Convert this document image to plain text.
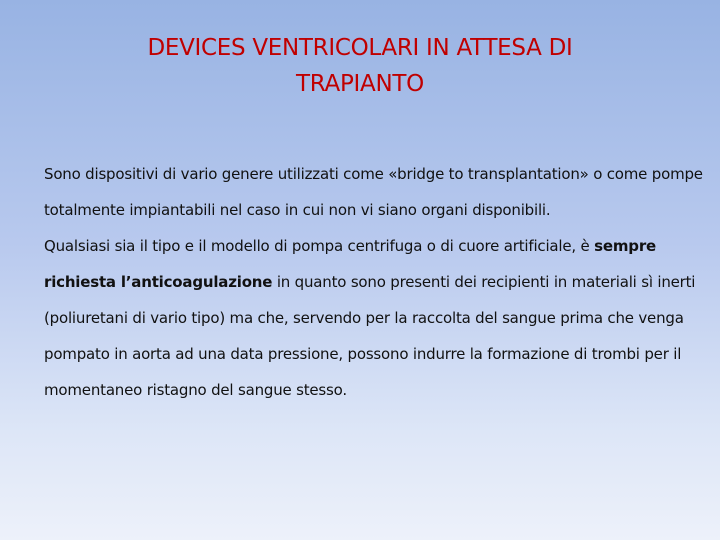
DEVICES VENTRICOLARI IN ATTESA DI
TRAPIANTO

Sono dispositivi di vario genere utilizzati come «bridge to transplantation» o come pompe totalmente impiantabili nel caso in cui non vi siano organi disponibili.

Qualsiasi sia il tipo e il modello di pompa centrifuga o di cuore artificiale, è sempre richiesta l’anticoagulazione in quanto sono presenti dei recipienti in materiali sì inerti (poliuretani di vario tipo) ma che, servendo per la raccolta del sangue prima che venga pompato in aorta ad una data pressione, possono indurre la formazione di trombi per il momentaneo ristagno del sangue stesso.
